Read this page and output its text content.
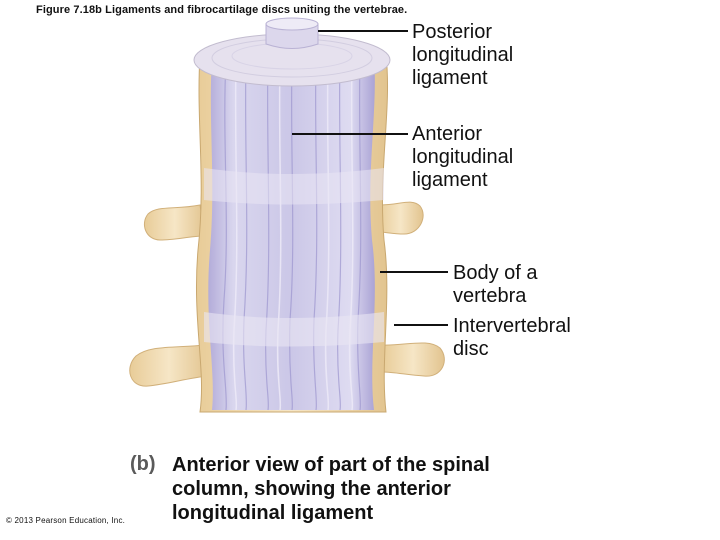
Figure 7.18b Ligaments and fibrocartilage discs uniting the vertebrae.
Posterior
longitudinal
ligament
Anterior
longitudinal
ligament
Body of a
vertebra
Intervertebral
disc
(b) Anterior view of part of the spinal
column, showing the anterior
longitudinal ligament
© 2013 Pearson Education, Inc.
